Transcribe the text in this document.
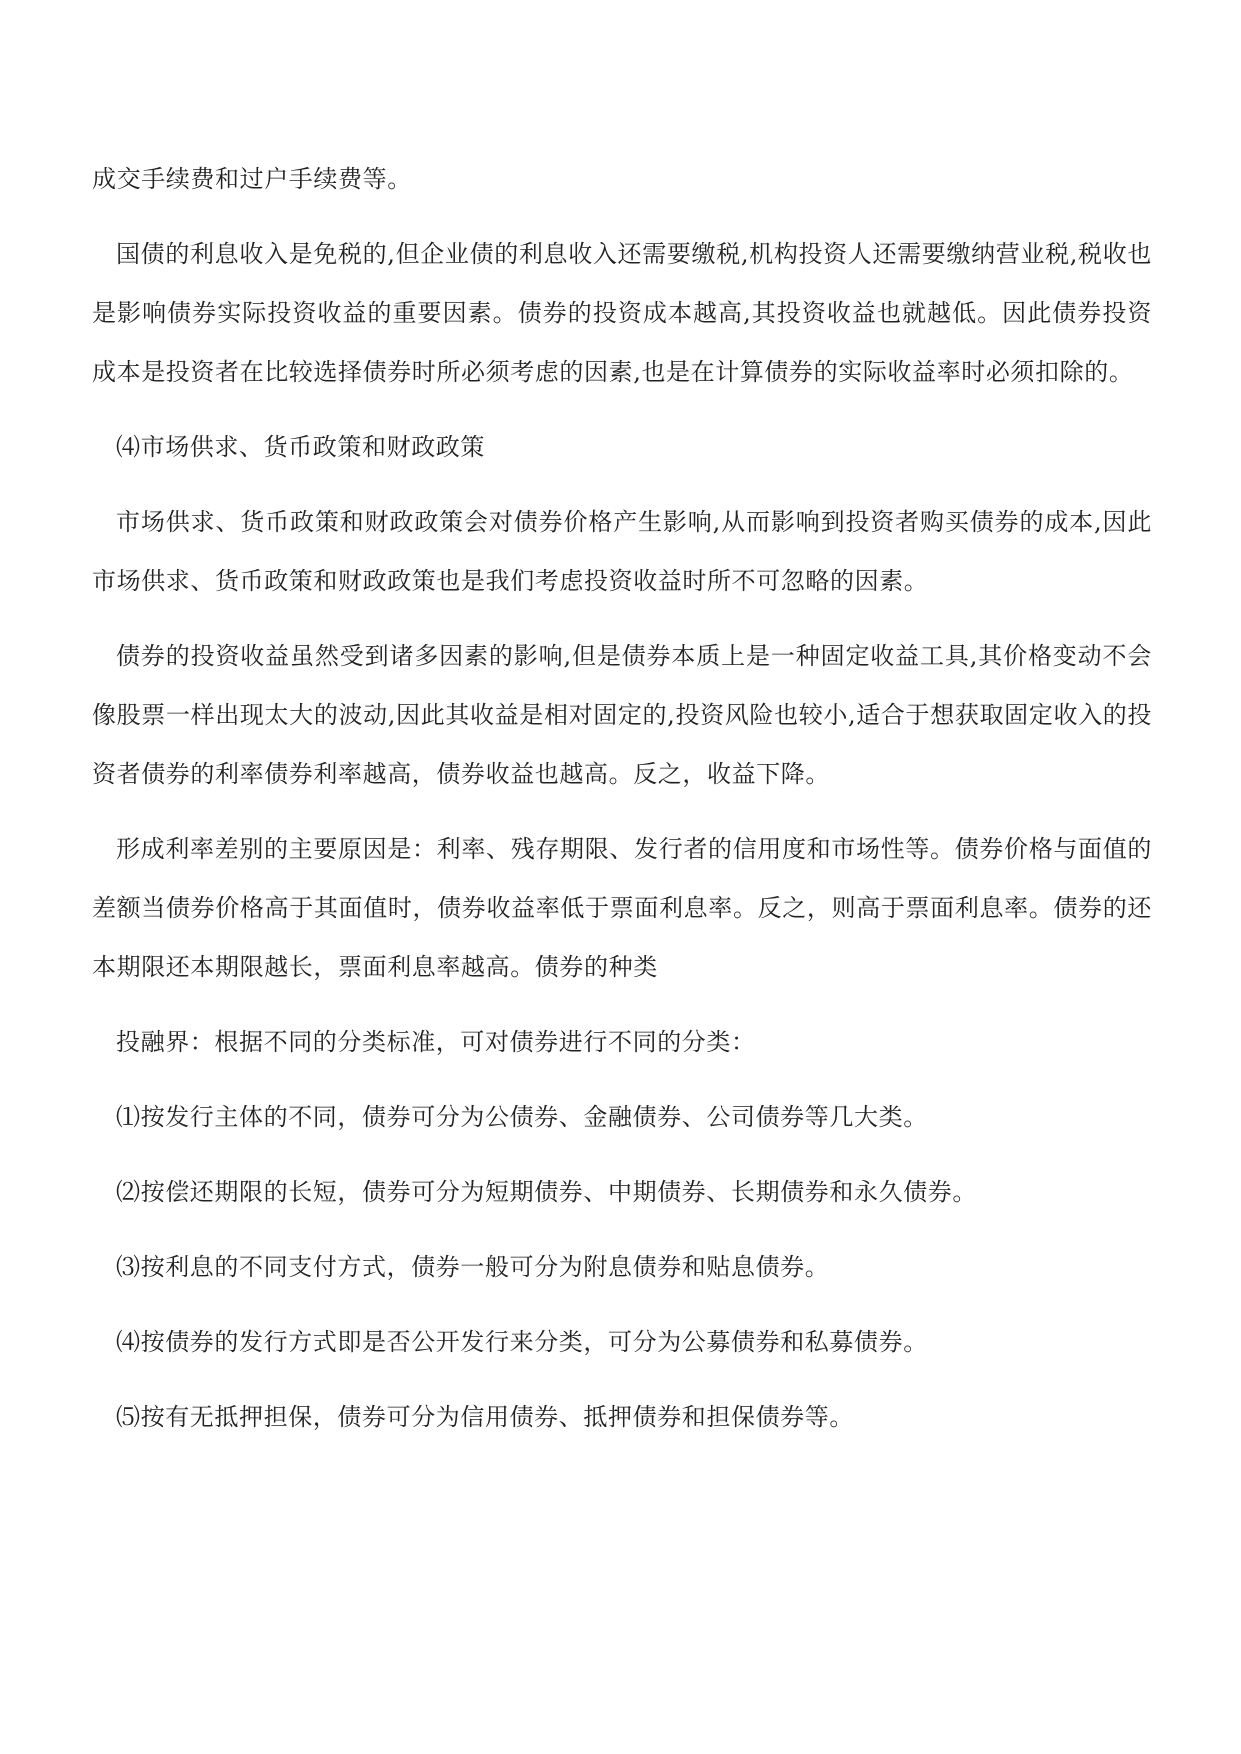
成交手续费和过户手续费等。

国债的利息收入是免税的,但企业债的利息收入还需要缴税,机构投资人还需要缴纳营业税,税收也是影响债券实际投资收益的重要因素。债券的投资成本越高,其投资收益也就越低。因此债券投资成本是投资者在比较选择债券时所必须考虑的因素,也是在计算债券的实际收益率时必须扣除的。

⑷市场供求、货币政策和财政政策

市场供求、货币政策和财政政策会对债券价格产生影响,从而影响到投资者购买债券的成本,因此市场供求、货币政策和财政政策也是我们考虑投资收益时所不可忽略的因素。

债券的投资收益虽然受到诸多因素的影响,但是债券本质上是一种固定收益工具,其价格变动不会像股票一样出现太大的波动,因此其收益是相对固定的,投资风险也较小,适合于想获取固定收入的投资者债券的利率债券利率越高，债券收益也越高。反之，收益下降。

形成利率差别的主要原因是：利率、残存期限、发行者的信用度和市场性等。债券价格与面值的差额当债券价格高于其面值时，债券收益率低于票面利息率。反之，则高于票面利息率。债券的还本期限还本期限越长，票面利息率越高。债券的种类

投融界：根据不同的分类标准，可对债券进行不同的分类：

⑴按发行主体的不同，债券可分为公债券、金融债券、公司债券等几大类。

⑵按偿还期限的长短，债券可分为短期债券、中期债券、长期债券和永久债券。

⑶按利息的不同支付方式，债券一般可分为附息债券和贴息债券。

⑷按债券的发行方式即是否公开发行来分类，可分为公募债券和私募债券。

⑸按有无抵押担保，债券可分为信用债券、抵押债券和担保债券等。
